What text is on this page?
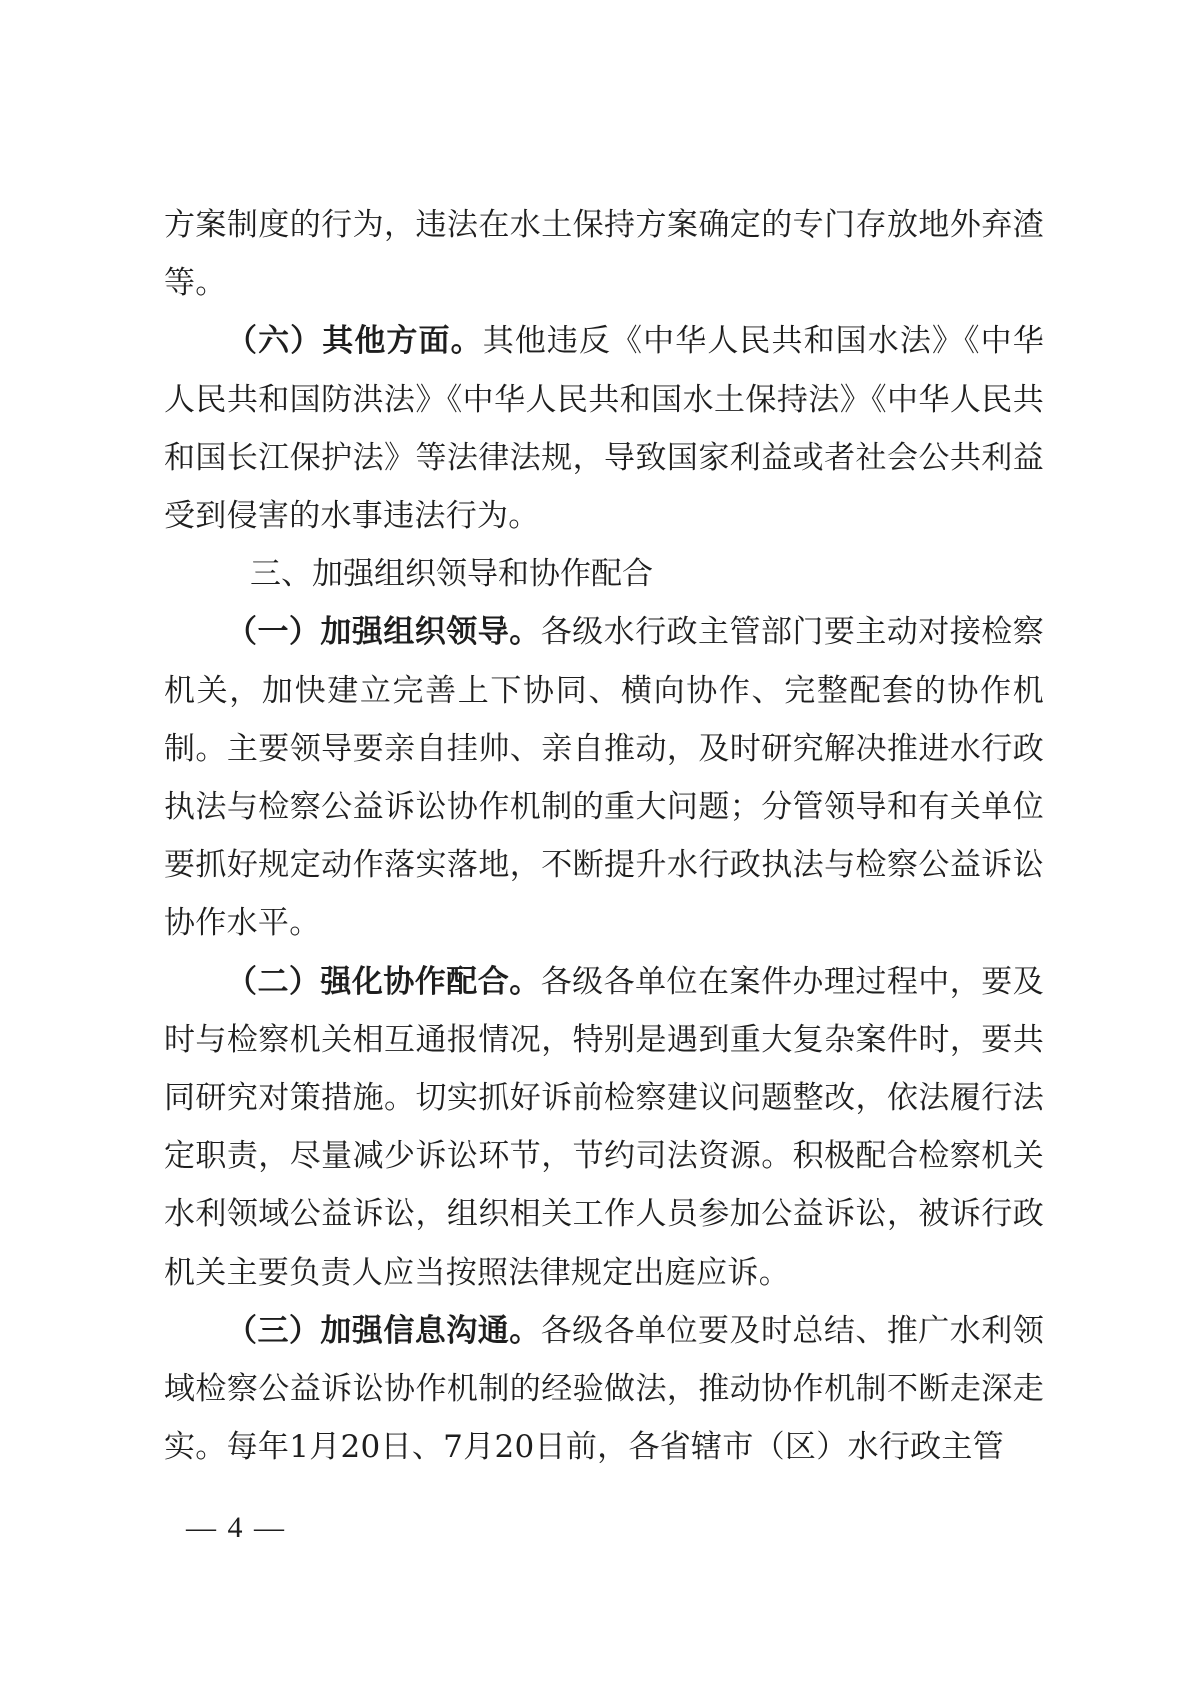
方案制度的行为，违法在水土保持方案确定的专门存放地外弃渣等。

（六）其他方面。其他违反《中华人民共和国水法》《中华人民共和国防洪法》《中华人民共和国水土保持法》《中华人民共和国长江保护法》等法律法规，导致国家利益或者社会公共利益受到侵害的水事违法行为。

三、加强组织领导和协作配合

（一）加强组织领导。各级水行政主管部门要主动对接检察机关，加快建立完善上下协同、横向协作、完整配套的协作机制。主要领导要亲自挂帅、亲自推动，及时研究解决推进水行政执法与检察公益诉讼协作机制的重大问题；分管领导和有关单位要抓好规定动作落实落地，不断提升水行政执法与检察公益诉讼协作水平。

（二）强化协作配合。各级各单位在案件办理过程中，要及时与检察机关相互通报情况，特别是遇到重大复杂案件时，要共同研究对策措施。切实抓好诉前检察建议问题整改，依法履行法定职责，尽量减少诉讼环节，节约司法资源。积极配合检察机关水利领域公益诉讼，组织相关工作人员参加公益诉讼，被诉行政机关主要负责人应当按照法律规定出庭应诉。

（三）加强信息沟通。各级各单位要及时总结、推广水利领域检察公益诉讼协作机制的经验做法，推动协作机制不断走深走实。每年1月20日、7月20日前，各省辖市（区）水行政主管

— 4 —
